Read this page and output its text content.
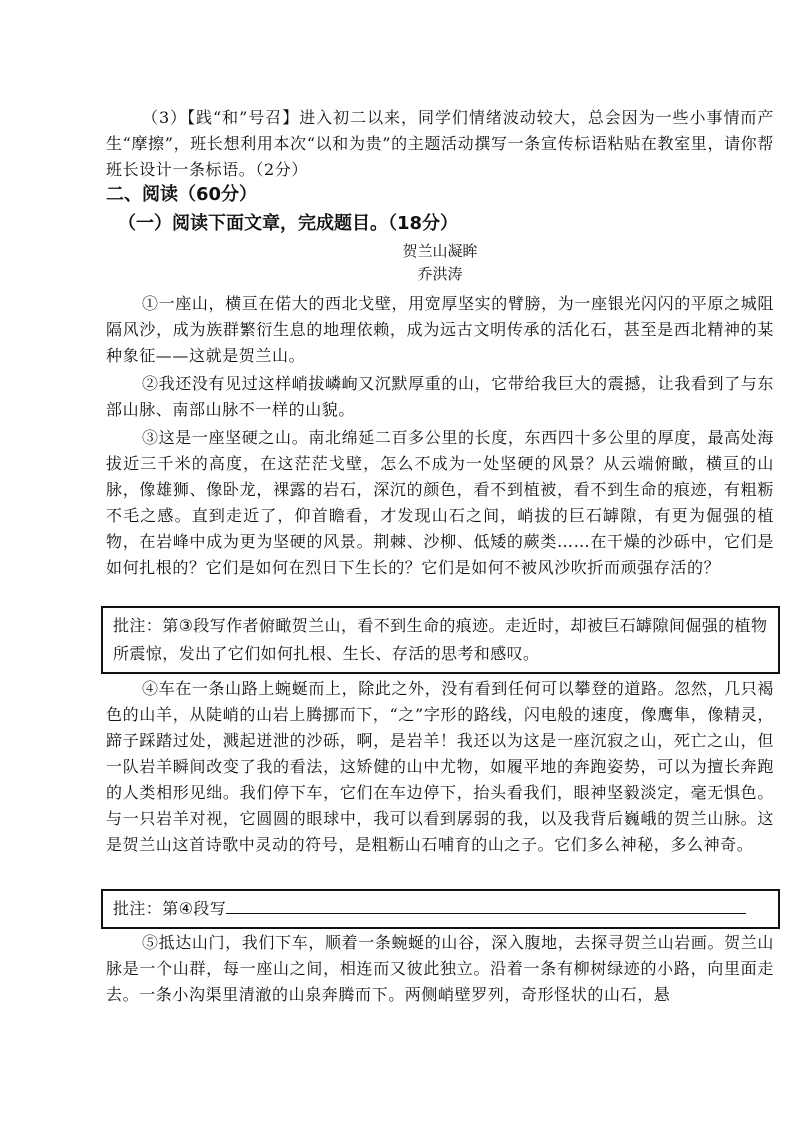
（3）【践“和”号召】进入初二以来，同学们情绪波动较大，总会因为一些小事情而产生“摩擦”，班长想利用本次“以和为贵”的主题活动撰写一条宣传标语粘贴在教室里，请你帮班长设计一条标语。（2分）

二、阅读（60分）
（一）阅读下面文章，完成题目。（18分）

贺兰山凝眸

乔洪涛

①一座山，横亘在偌大的西北戈壁，用宽厚坚实的臂膀，为一座银光闪闪的平原之城阻隔风沙，成为族群繁衍生息的地理依赖，成为远古文明传承的活化石，甚至是西北精神的某种象征——这就是贺兰山。

②我还没有见过这样峭拔嶙峋又沉默厚重的山，它带给我巨大的震撼，让我看到了与东部山脉、南部山脉不一样的山貌。

③这是一座坚硬之山。南北绵延二百多公里的长度，东西四十多公里的厚度，最高处海拔近三千米的高度，在这茫茫戈壁，怎么不成为一处坚硬的风景？从云端俯瞰，横亘的山脉，像雄狮、像卧龙，裸露的岩石，深沉的颜色，看不到植被，看不到生命的痕迹，有粗粝不毛之感。直到走近了，仰首瞻看，才发现山石之间，峭拔的巨石罅隙，有更为倔强的植物，在岩峰中成为更为坚硬的风景。荆棘、沙柳、低矮的蕨类……在干燥的沙砾中，它们是如何扎根的？它们是如何在烈日下生长的？它们是如何不被风沙吹折而顽强存活的？

批注：第③段写作者俯瞰贺兰山，看不到生命的痕迹。走近时，却被巨石罅隙间倔强的植物所震惊，发出了它们如何扎根、生长、存活的思考和感叹。

④车在一条山路上蜿蜒而上，除此之外，没有看到任何可以攀登的道路。忽然，几只褐色的山羊，从陡峭的山岩上腾挪而下，“之”字形的路线，闪电般的速度，像鹰隼，像精灵，蹄子踩踏过处，溅起迸泄的沙砾，啊，是岩羊！我还以为这是一座沉寂之山，死亡之山，但一队岩羊瞬间改变了我的看法，这矫健的山中尤物，如履平地的奔跑姿势，可以为擅长奔跑的人类相形见绌。我们停下车，它们在车边停下，抬头看我们，眼神坚毅淡定，毫无惧色。与一只岩羊对视，它圆圆的眼球中，我可以看到孱弱的我，以及我背后巍峨的贺兰山脉。这是贺兰山这首诗歌中灵动的符号，是粗粝山石哺育的山之子。它们多么神秘，多么神奇。

批注：第④段写

⑤抵达山门，我们下车，顺着一条蜿蜒的山谷，深入腹地，去探寻贺兰山岩画。贺兰山脉是一个山群，每一座山之间，相连而又彼此独立。沿着一条有柳树绿迹的小路，向里面走去。一条小沟渠里清澈的山泉奔腾而下。两侧峭壁罗列，奇形怪状的山石，悬
